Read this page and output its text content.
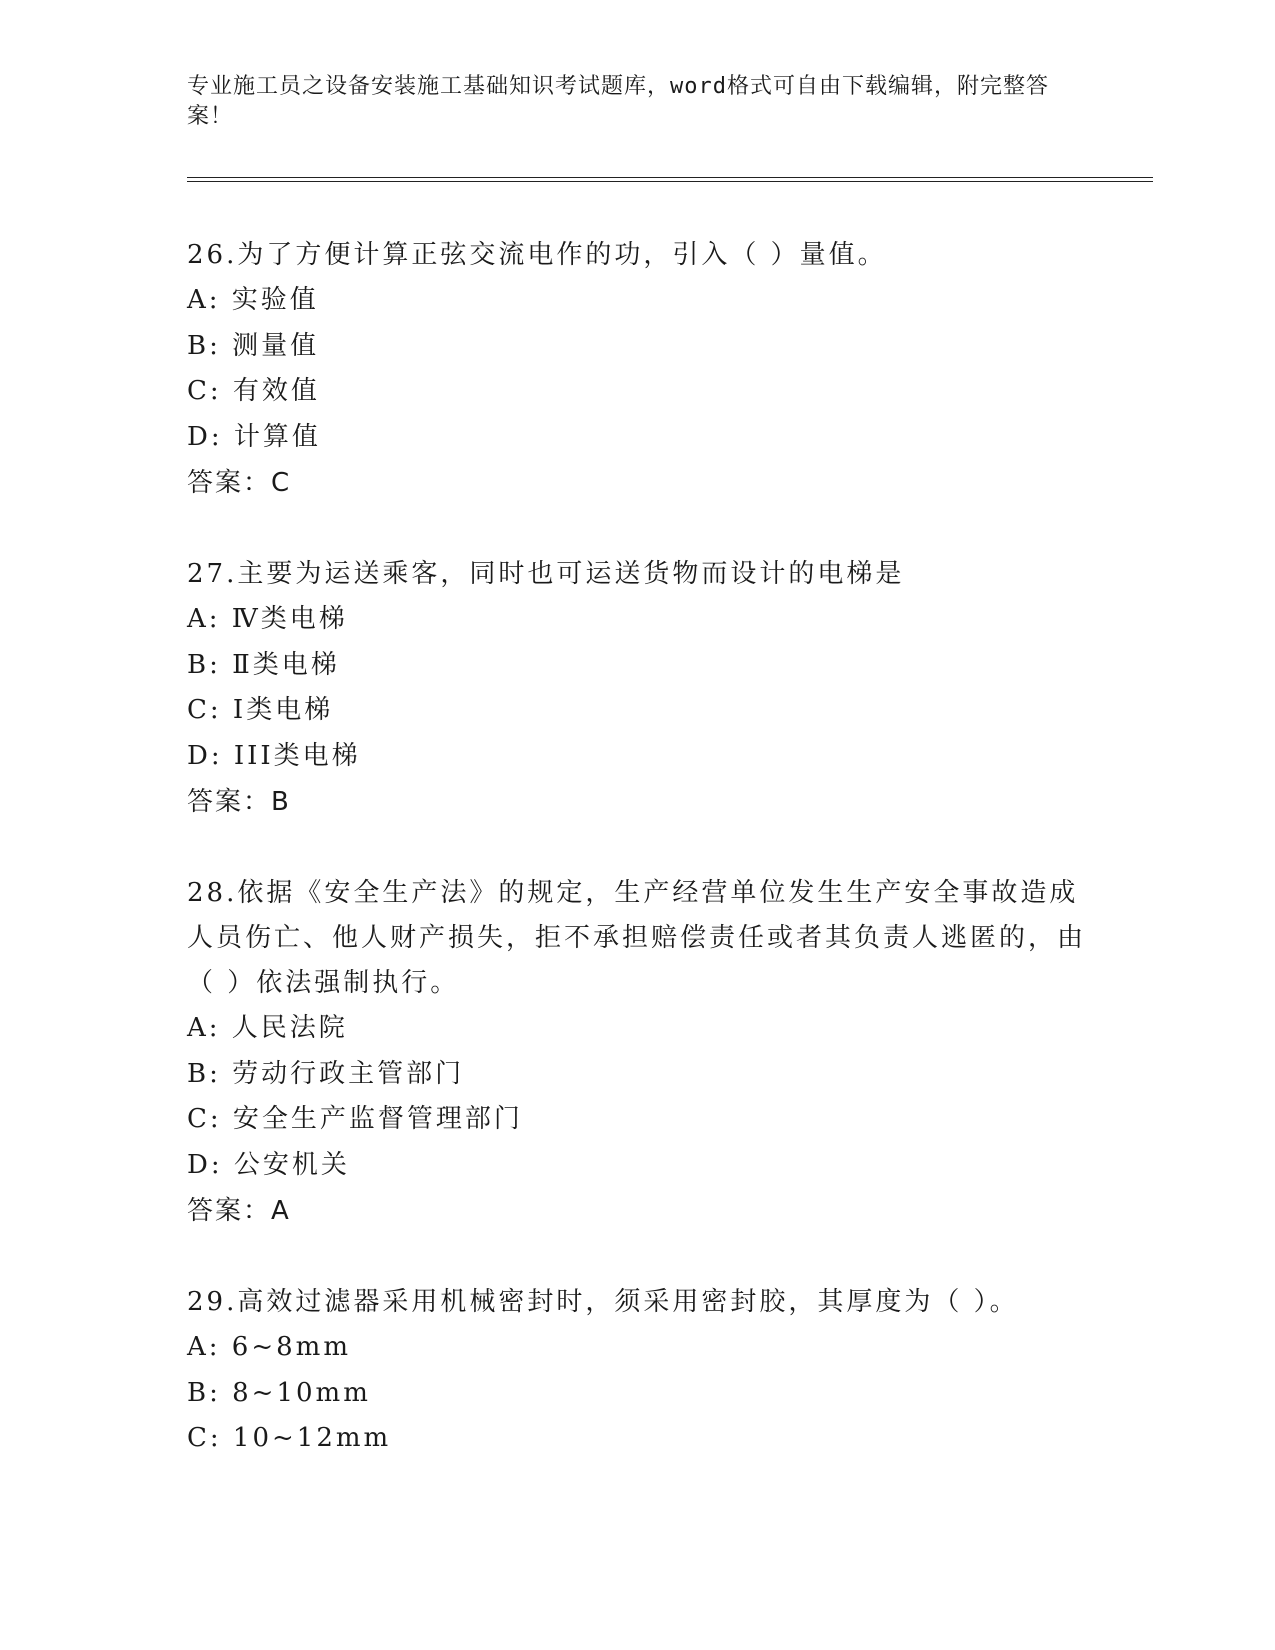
专业施工员之设备安装施工基础知识考试题库，word格式可自由下载编辑，附完整答案！
26.为了方便计算正弦交流电作的功，引入（ ）量值。
A: 实验值
B: 测量值
C: 有效值
D: 计算值
答案：C
27.主要为运送乘客，同时也可运送货物而设计的电梯是
A: Ⅳ类电梯
B: Ⅱ类电梯
C: Ⅰ类电梯
D: III类电梯
答案：B
28.依据《安全生产法》的规定，生产经营单位发生生产安全事故造成人员伤亡、他人财产损失，拒不承担赔偿责任或者其负责人逃匿的，由（ ）依法强制执行。
A: 人民法院
B: 劳动行政主管部门
C: 安全生产监督管理部门
D: 公安机关
答案：A
29.高效过滤器采用机械密封时，须采用密封胶，其厚度为（ ）。
A: 6~8mm
B: 8~10mm
C: 10~12mm
